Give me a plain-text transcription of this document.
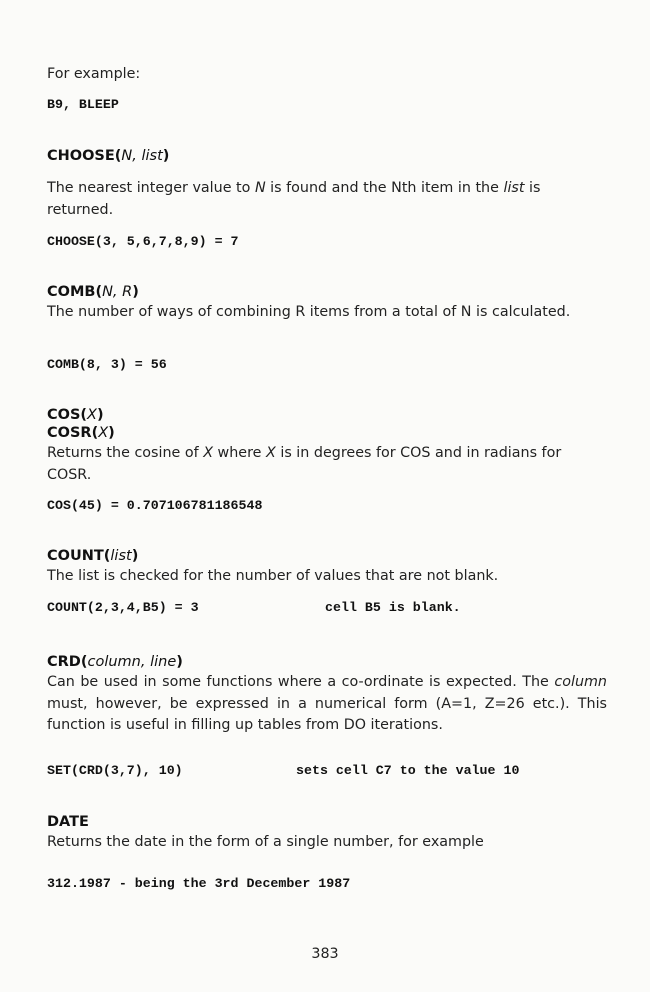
For example:

B9, BLEEP

CHOOSE(N, list)

The nearest integer value to N is found and the Nth item in the list is returned.

CHOOSE(3, 5,6,7,8,9) = 7

COMB(N, R)

The number of ways of combining R items from a total of N is calculated.

COMB(8, 3) = 56

COS(X)

COSR(X)

Returns the cosine of X where X is in degrees for COS and in radians for COSR.

COS(45) = 0.707106781186548

COUNT(list)

The list is checked for the number of values that are not blank.

COUNT(2,3,4,B5) = 3	cell B5 is blank.

CRD(column, line)

Can be used in some functions where a co-ordinate is expected. The column must, however, be expressed in a numerical form (A=1, Z=26 etc.). This function is useful in filling up tables from DO iterations.

SET(CRD(3,7), 10)	sets cell C7 to the value 10

DATE

Returns the date in the form of a single number, for example

312.1987 - being the 3rd December 1987

383
